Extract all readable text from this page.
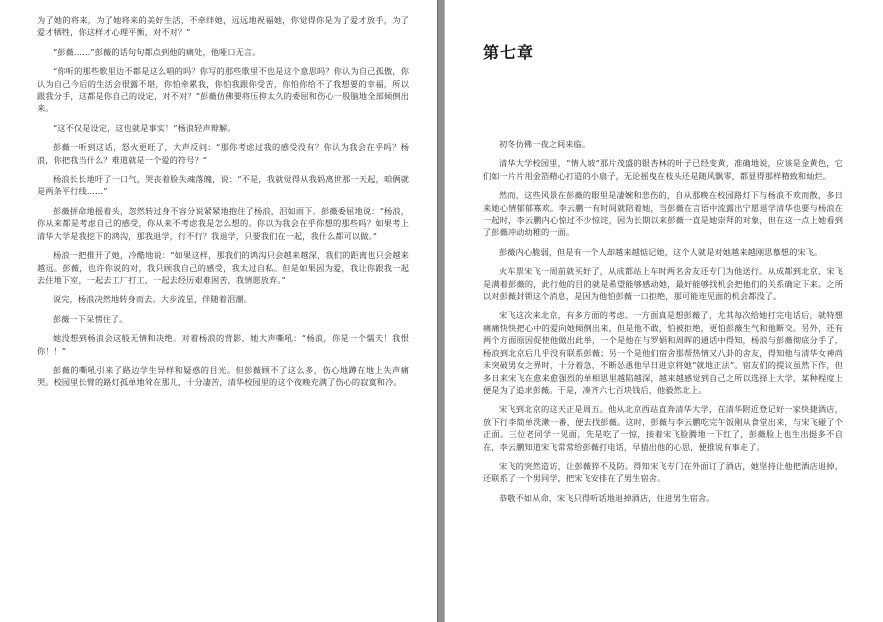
为了她的将来，为了她将来的美好生活，不牵绊她，远远地祝福她，你觉得你是为了爱才放手，为了爱才牺牲，你这样才心理平衡，对不对？”

“彭薇……”彭薇的话句句都点到他的痛处，他哑口无言。

“你听的那些歌里边不都是这么唱的吗？你写的那些歌里不也是这个意思吗？你认为自己孤傲，你认为自己今后的生活会很露不堪，你怕牵累我，你怕我跟你受苦，你怕你给不了我想要的幸福，所以跟我分手，这都是你自己的设定，对不对？”彭薇仿佛要将压抑太久的委屈和伤心一股脑地全部倾倒出来。

“这不仅是设定，这也就是事实！”杨浪轻声辩解。

彭薇一听到这话，怒火更旺了，大声反问：“那你考虑过我的感受没有？你认为我会在乎吗？杨浪，你把我当什么？难道就是一个爱的符号？”

杨浪长长地吁了一口气，哭丧着脸失魂落魄，说：“不是，我就觉得从我妈离世那一天起，咱俩就是两条平行线……”

彭薇拼命地摇着头，忽然转过身不容分说紧紧地抱住了杨浪，泪如雨下。彭薇委屈地说：“杨浪，你从来都是考虑自己的感受，你从来不考虑我是怎么想的。你以为我会在乎你想的那些吗？如果考上清华大学是我挖下的鸿沟，那我退学，行不行？我退学，只要我们在一起，我什么都可以做。”

杨浪一把推开了她，冷酷地说：“如果这样，那我们的鸿沟只会越来越深，我们的距离也只会越来越远。彭薇，也许你说的对，我只顾我自己的感受，我太过自私。但是如果因为爱，我让你跟我一起去住地下室，一起去工厂打工，一起去经历艰难困苦，我情愿放弃。”

说完，杨浪决然地转身而去。大步流星，伴随着泪潮。

彭薇一下呆愣住了。

她没想到杨浪会这般无情和决绝。对着杨浪的背影，她大声嘶吼：“杨浪，你是一个懦夫！我恨你！！”

彭薇的嘶吼引来了路边学生异样和疑惑的目光。但彭薇顾不了这么多，伤心地蹲在地上失声痛哭。校园里长臂的路灯孤单地耸在那儿，十分凄苦，清华校园里的这个夜晚充满了伤心的寂寞和冷。

第七章

初冬仿佛一夜之间来临。

清华大学校园里，“情人坡”那片茂盛的银杏林的叶子已经变黄，准确地说，应该是金黄色，它们如一片片用金箔精心打造的小扇子，无论摇曳在枝头还是随风飘零，都显得那样精致和灿烂。

然而，这些风景在彭薇的眼里是凄婉和悲伤的，自从那晚在校园路灯下与杨浪不欢而散，多日来她心情郁郁寡欢。李云鹏一有时间就陪着她，当彭薇在言语中流露出宁愿退学清华也要与杨浪在一起时，李云鹏内心惊过不少惊诧，因为长期以来彭薇一直是她崇拜的对象，但在这一点上她看到了彭薇冲动幼稚的一面。

彭薇内心脆弱，但是有一个人却越来越惦记她，这个人就是对她越来越刚思慕想的宋飞。

火车票宋飞一周前就买好了，从成都站上车时两名舍友还专门为他送行。从成都到北京，宋飞是满着彭薇的，此行他的目的就是希望能够感动她，最好能够找机会把他们的关系确定下来。之所以对彭薇封锁这个消息，是因为他怕彭薇一口拒绝，那可能连见面的机会都没了。

宋飞这次来北京，有多方面的考虑。一方面真是想彭薇了，尤其每次给她打完电话后，就特想痛痛快快把心中的爱向她倾倒出来，但是他不敢，怕被拒绝，更怕彭薇生气和他断交。另外，还有两个方面原因促使他做出此举，一个是他在与罗娟和周晖的通话中得知，杨浪与彭薇彻底分手了，杨浪到北京后几乎没有联系彭薇；另一个是他们宿舍那帮热情又八卦的舍友，得知他与清华女神尚未突破男女之界时，十分着急，不断怂恿他早日进京将她“就地正法”。宿友们的提议虽然下作，但多日来宋飞在愈来愈强烈的单相思里越陷越深，越来越感觉到自己之所以选择上大学，某种程度上便是为了追求彭薇。于是，凑齐六七百块钱后，他毅然北上。

宋飞到北京的这天正是周五。他从北京西站直奔清华大学，在清华附近登记好一家快捷酒店，放下行李简单洗漱一番，便去找彭薇。这时，彭薇与李云鹏吃完午饭刚从食堂出来，与宋飞碰了个正面。三位老同学一见面，先是吃了一惊，接着宋飞脸腾地一下红了，彭薇脸上也生出挺多不自在，李云鹏知道宋飞常常给彭薇打电话，早猜出他的心思，便推说有事走了。

宋飞的突然造访，让彭薇猝不及防。得知宋飞专门在外面订了酒店，她坚持让他把酒店退掉，还联系了一个男同学，把宋飞安排在了男生宿舍。

恭敬不如从命，宋飞只得听话地退掉酒店，住进男生宿舍。
